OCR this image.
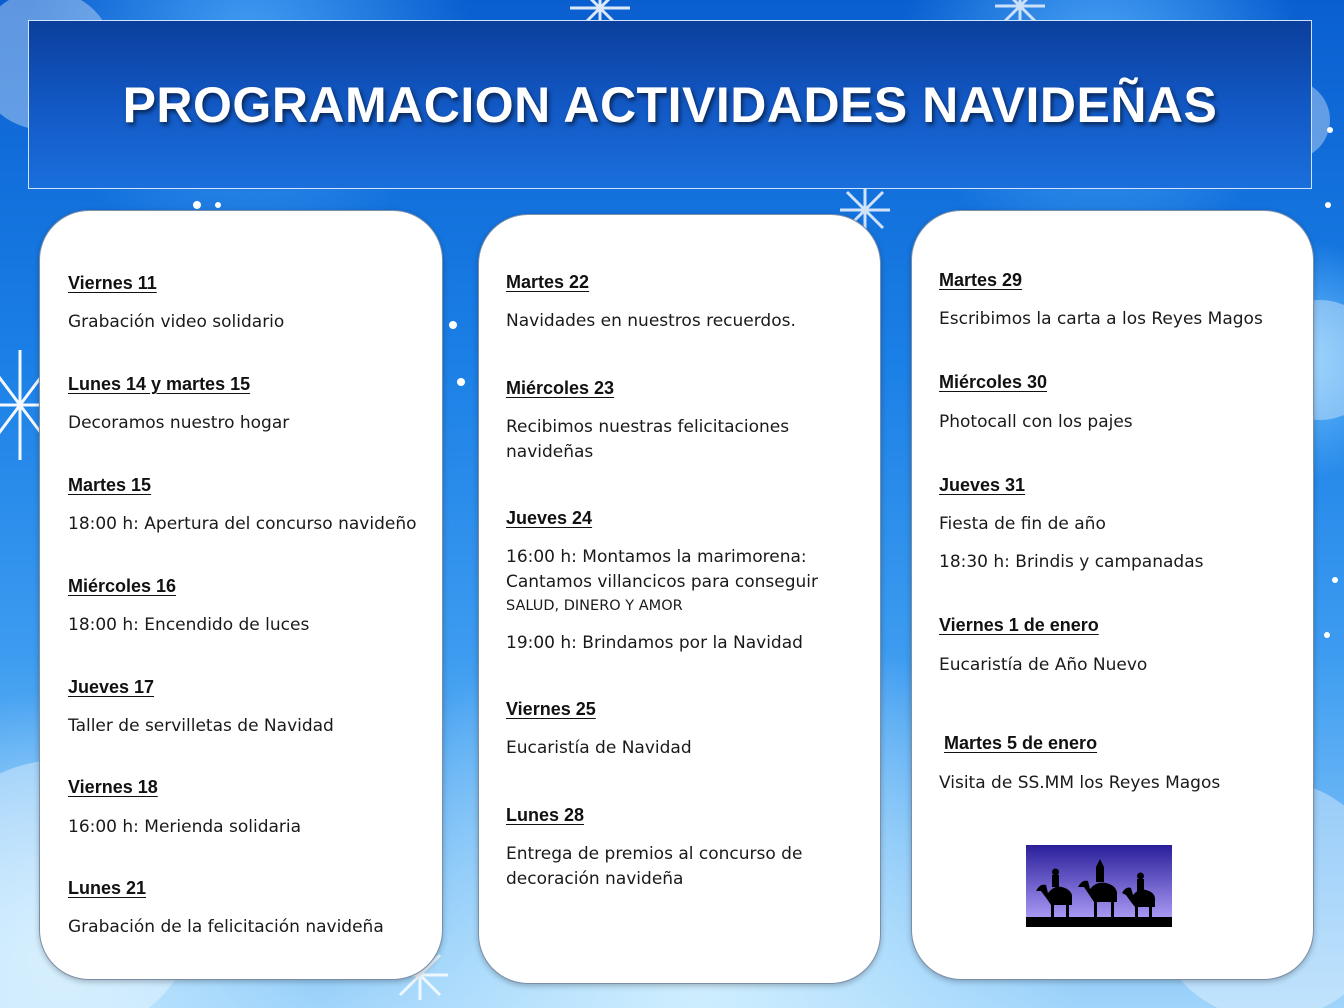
PROGRAMACION ACTIVIDADES NAVIDEÑAS
Viernes 11
Grabación video solidario
Lunes 14 y martes 15
Decoramos nuestro hogar
Martes 15
18:00 h: Apertura del concurso navideño
Miércoles 16
18:00 h: Encendido de luces
Jueves 17
Taller de servilletas de Navidad
Viernes 18
16:00 h: Merienda solidaria
Lunes 21
Grabación de la felicitación navideña
Martes 22
Navidades en nuestros recuerdos.
Miércoles 23
Recibimos nuestras felicitaciones
navideñas
Jueves 24
16:00 h: Montamos la marimorena:
Cantamos villancicos para conseguir
SALUD, DINERO Y AMOR
19:00 h: Brindamos por la Navidad
Viernes 25
Eucaristía de Navidad
Lunes 28
Entrega de premios al concurso de
decoración navideña
Martes 29
Escribimos la carta a los Reyes Magos
Miércoles 30
Photocall con los pajes
Jueves 31
Fiesta de fin de año
18:30 h: Brindis y campanadas
Viernes 1 de enero
Eucaristía de Año Nuevo
Martes 5 de enero
Visita de SS.MM los Reyes Magos
